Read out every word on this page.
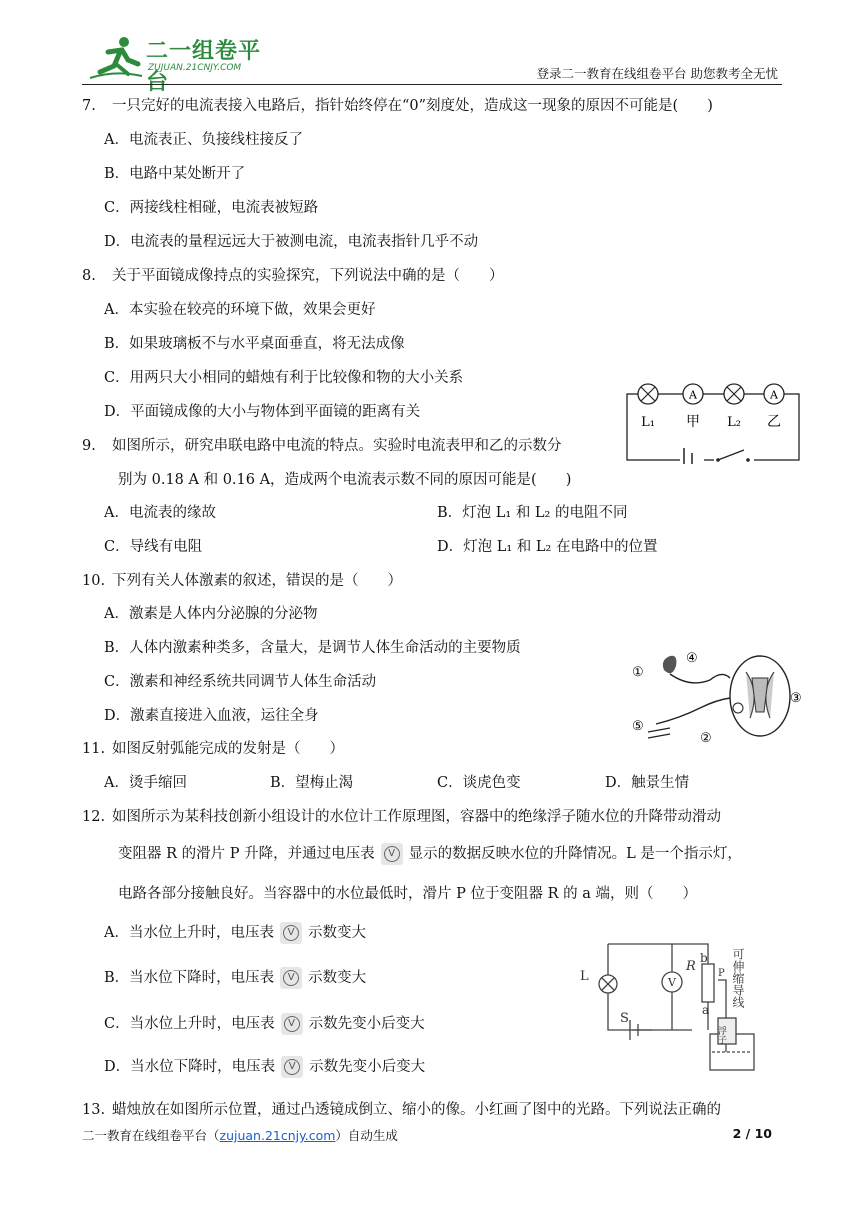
二一组卷平台
ZUJUAN.21CNJY.COM	登录二一教育在线组卷平台 助您教考全无忧
7. 一只完好的电流表接入电路后，指针始终停在“0”刻度处，造成这一现象的原因不可能是(　　)
A．电流表正、负接线柱接反了
B．电路中某处断开了
C．两接线柱相碰，电流表被短路
D．电流表的量程远远大于被测电流，电流表指针几乎不动
8. 关于平面镜成像持点的实验探究，下列说法中确的是（　　）
A．本实验在较亮的环境下做，效果会更好
B．如果玻璃板不与水平桌面垂直，将无法成像
C．用两只大小相同的蜡烛有利于比较像和物的大小关系
D．平面镜成像的大小与物体到平面镜的距离有关
A	A
L₁ 甲 L₂ 乙
9. 如图所示，研究串联电路中电流的特点。实验时电流表甲和乙的示数分
别为 0.18 A 和 0.16 A，造成两个电流表示数不同的原因可能是(　　)
A．电流表的缘故	B．灯泡 L₁ 和 L₂ 的电阻不同
C．导线有电阻	D．灯泡 L₁ 和 L₂ 在电路中的位置
10. 下列有关人体激素的叙述，错误的是（　　）
A．激素是人体内分泌腺的分泌物
B．人体内激素种类多，含量大，是调节人体生命活动的主要物质
C．激素和神经系统共同调节人体生命活动
D．激素直接进入血液，运往全身
①
②
③
④
⑤
11. 如图反射弧能完成的发射是（　　）
A．烫手缩回	B．望梅止渴	C．谈虎色变	D．触景生情
12. 如图所示为某科技创新小组设计的水位计工作原理图，容器中的绝缘浮子随水位的升降带动滑动
变阻器 R 的滑片 P 升降，并通过电压表	V 显示的数据反映水位的升降情况。L 是一个指示灯，
电路各部分接触良好。当容器中的水位最低时，滑片 P 位于变阻器 R 的 a 端，则（　　）
A．当水位上升时，电压表	V 示数变大
B．当水位下降时，电压表	V 示数变大
C．当水位上升时，电压表	V 示数先变小后变大
D．当水位下降时，电压表	V 示数先变小后变大
L	V
R
b
P
a
S
可伸缩导线
浮子
13. 蜡烛放在如图所示位置，通过凸透镜成倒立、缩小的像。小红画了图中的光路。下列说法正确的
二一教育在线组卷平台（zujuan.21cnjy.com）自动生成	2 / 10
